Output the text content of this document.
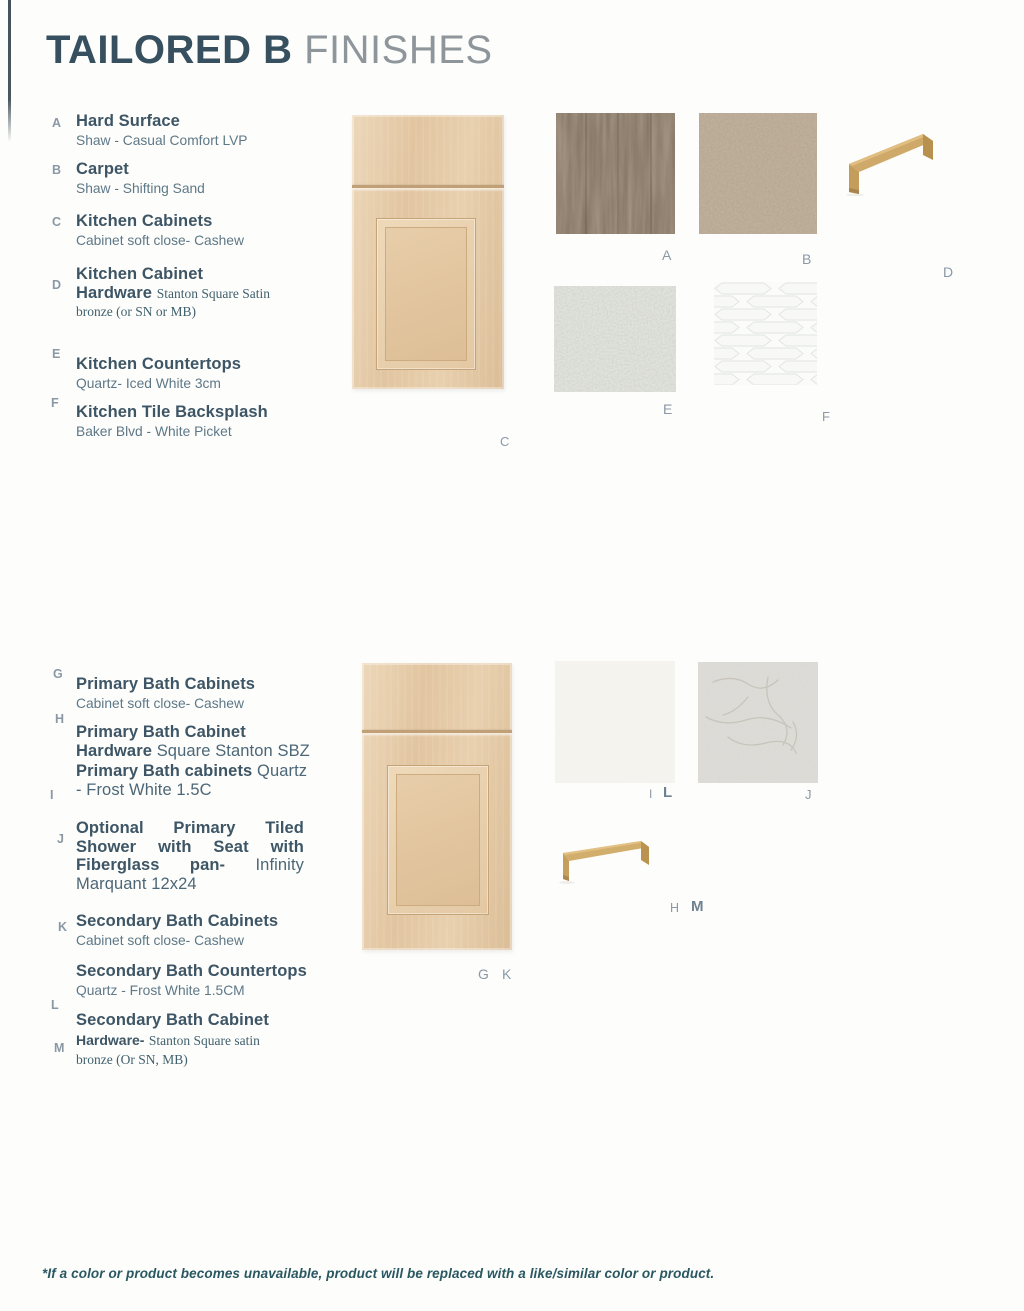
TAILORED B FINISHES
A Hard Surface
Shaw - Casual Comfort LVP
B Carpet
Shaw - Shifting Sand
C Kitchen Cabinets
Cabinet soft close- Cashew
D
Kitchen Cabinet Hardware Stanton Square Satin bronze (or SN or MB)
E
Kitchen Countertops
Quartz- Iced White 3cm
F Kitchen Tile Backsplash
Baker Blvd - White Picket
G
Primary Bath Cabinets
Cabinet soft close- Cashew
H
Primary Bath Cabinet Hardware Square Stanton SBZ
I
Primary Bath cabinets Quartz - Frost White 1.5C
J
Optional Primary Tiled Shower with Seat with Fiberglass pan- Infinity Marquant 12x24
K Secondary Bath Cabinets
Cabinet soft close- Cashew
L
Secondary Bath Countertops
Quartz - Frost White 1.5CM
M
Secondary Bath Cabinet
Hardware- Stanton Square satin bronze (Or SN, MB)
C
A	B
D
E	F
G K
I L	J
H M
*If a color or product becomes unavailable, product will be replaced with a like/similar color or product.
